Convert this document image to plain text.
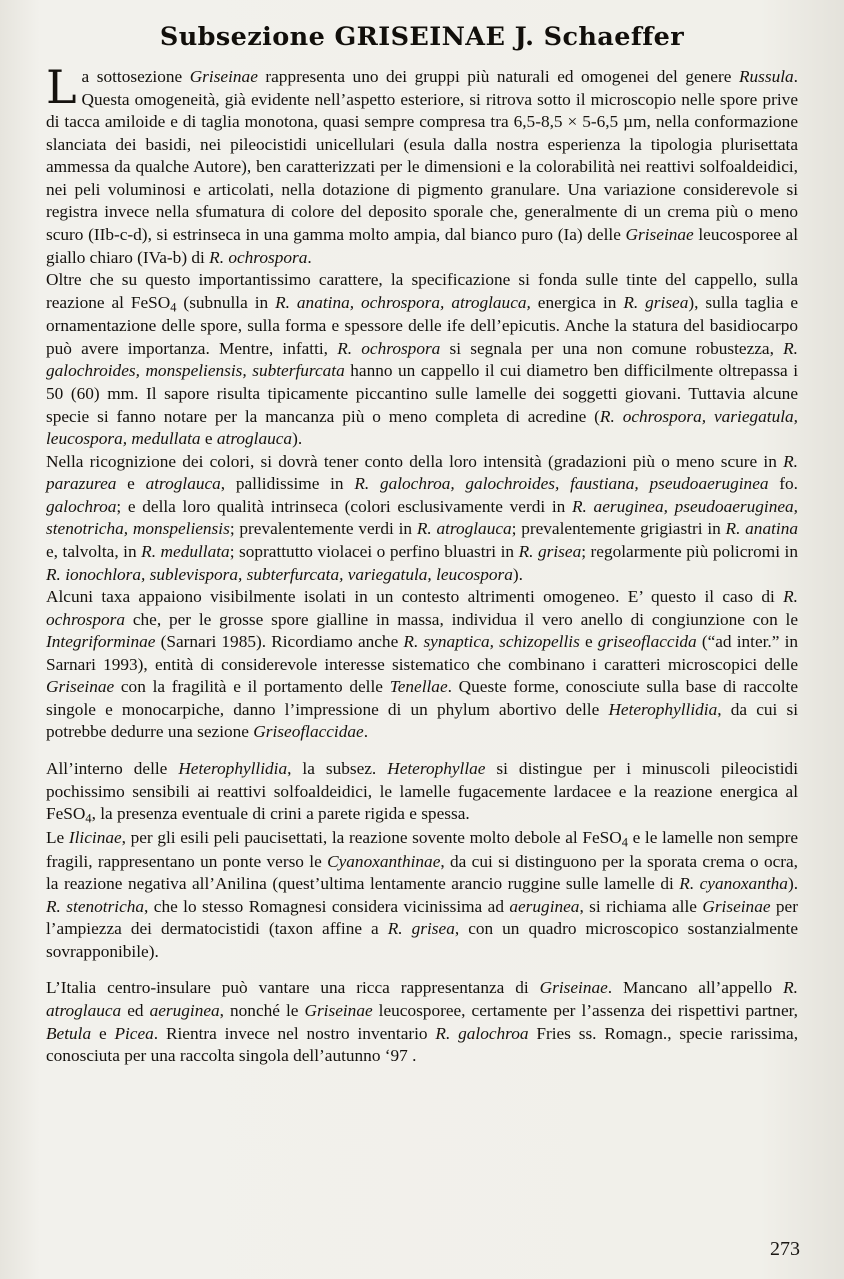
Subsezione GRISEINAE J. Schaeffer

L a sottosezione Griseinae rappresenta uno dei gruppi più naturali ed omogenei del genere Russula. Questa omogeneità, già evidente nell’aspetto esteriore, si ritrova sotto il microscopio nelle spore prive di tacca amiloide e di taglia monotona, quasi sempre compresa tra 6,5-8,5 × 5-6,5 µm, nella conformazione slanciata dei basidi, nei pileocistidi unicellulari (esula dalla nostra esperienza la tipologia plurisettata ammessa da qualche Autore), ben caratterizzati per le dimensioni e la colorabilità nei reattivi solfoaldeidici, nei peli voluminosi e articolati, nella dotazione di pigmento granulare. Una variazione considerevole si registra invece nella sfumatura di colore del deposito sporale che, generalmente di un crema più o meno scuro (IIb-c-d), si estrinseca in una gamma molto ampia, dal bianco puro (Ia) delle Griseinae leucosporee al giallo chiaro (IVa-b) di R. ochrospora.

Oltre che su questo importantissimo carattere, la specificazione si fonda sulle tinte del cappello, sulla reazione al FeSO$_4$ (subnulla in R. anatina, ochrospora, atroglauca, energica in R. grisea), sulla taglia e ornamentazione delle spore, sulla forma e spessore delle ife dell’epicutis. Anche la statura del basidiocarpo può avere importanza. Mentre, infatti, R. ochrospora si segnala per una non comune robustezza, R. galochroides, monspeliensis, subterfurcata hanno un cappello il cui diametro ben difficilmente oltrepassa i 50 (60) mm. Il sapore risulta tipicamente piccantino sulle lamelle dei soggetti giovani. Tuttavia alcune specie si fanno notare per la mancanza più o meno completa di acredine (R. ochrospora, variegatula, leucospora, medullata e atroglauca).

Nella ricognizione dei colori, si dovrà tener conto della loro intensità (gradazioni più o meno scure in R. parazurea e atroglauca, pallidissime in R. galochroa, galochroides, faustiana, pseudoaeruginea fo. galochroa; e della loro qualità intrinseca (colori esclusivamente verdi in R. aeruginea, pseudoaeruginea, stenotricha, monspeliensis; prevalentemente verdi in R. atroglauca; prevalentemente grigiastri in R. anatina e, talvolta, in R. medullata; soprattutto violacei o perfino bluastri in R. grisea; regolarmente più policromi in R. ionochlora, sublevispora, subterfurcata, variegatula, leucospora).

Alcuni taxa appaiono visibilmente isolati in un contesto altrimenti omogeneo. E’ questo il caso di R. ochrospora che, per le grosse spore gialline in massa, individua il vero anello di congiunzione con le Integriforminae (Sarnari 1985). Ricordiamo anche R. synaptica, schizopellis e griseoflaccida (“ad inter.” in Sarnari 1993), entità di considerevole interesse sistematico che combinano i caratteri microscopici delle Griseinae con la fragilità e il portamento delle Tenellae. Queste forme, conosciute sulla base di raccolte singole e monocarpiche, danno l’impressione di un phylum abortivo delle Heterophyllidia, da cui si potrebbe dedurre una sezione Griseoflaccidae.

All’interno delle Heterophyllidia, la subsez. Heterophyllae si distingue per i minuscoli pileocistidi pochissimo sensibili ai reattivi solfoaldeidici, le lamelle fugacemente lardacee e la reazione energica al FeSO$_4$, la presenza eventuale di crini a parete rigida e spessa.

Le Ilicinae, per gli esili peli paucisettati, la reazione sovente molto debole al FeSO$_4$ e le lamelle non sempre fragili, rappresentano un ponte verso le Cyanoxanthinae, da cui si distinguono per la sporata crema o ocra, la reazione negativa all’Anilina (quest’ultima lentamente arancio ruggine sulle lamelle di R. cyanoxantha). R. stenotricha, che lo stesso Romagnesi considera vicinissima ad aeruginea, si richiama alle Griseinae per l’ampiezza dei dermatocistidi (taxon affine a R. grisea, con un quadro microscopico sostanzialmente sovrapponibile).

L’Italia centro-insulare può vantare una ricca rappresentanza di Griseinae. Mancano all’appello R. atroglauca ed aeruginea, nonché le Griseinae leucosporee, certamente per l’assenza dei rispettivi partner, Betula e Picea. Rientra invece nel nostro inventario R. galochroa Fries ss. Romagn., specie rarissima, conosciuta per una raccolta singola dell’autunno ‘97 .

273
